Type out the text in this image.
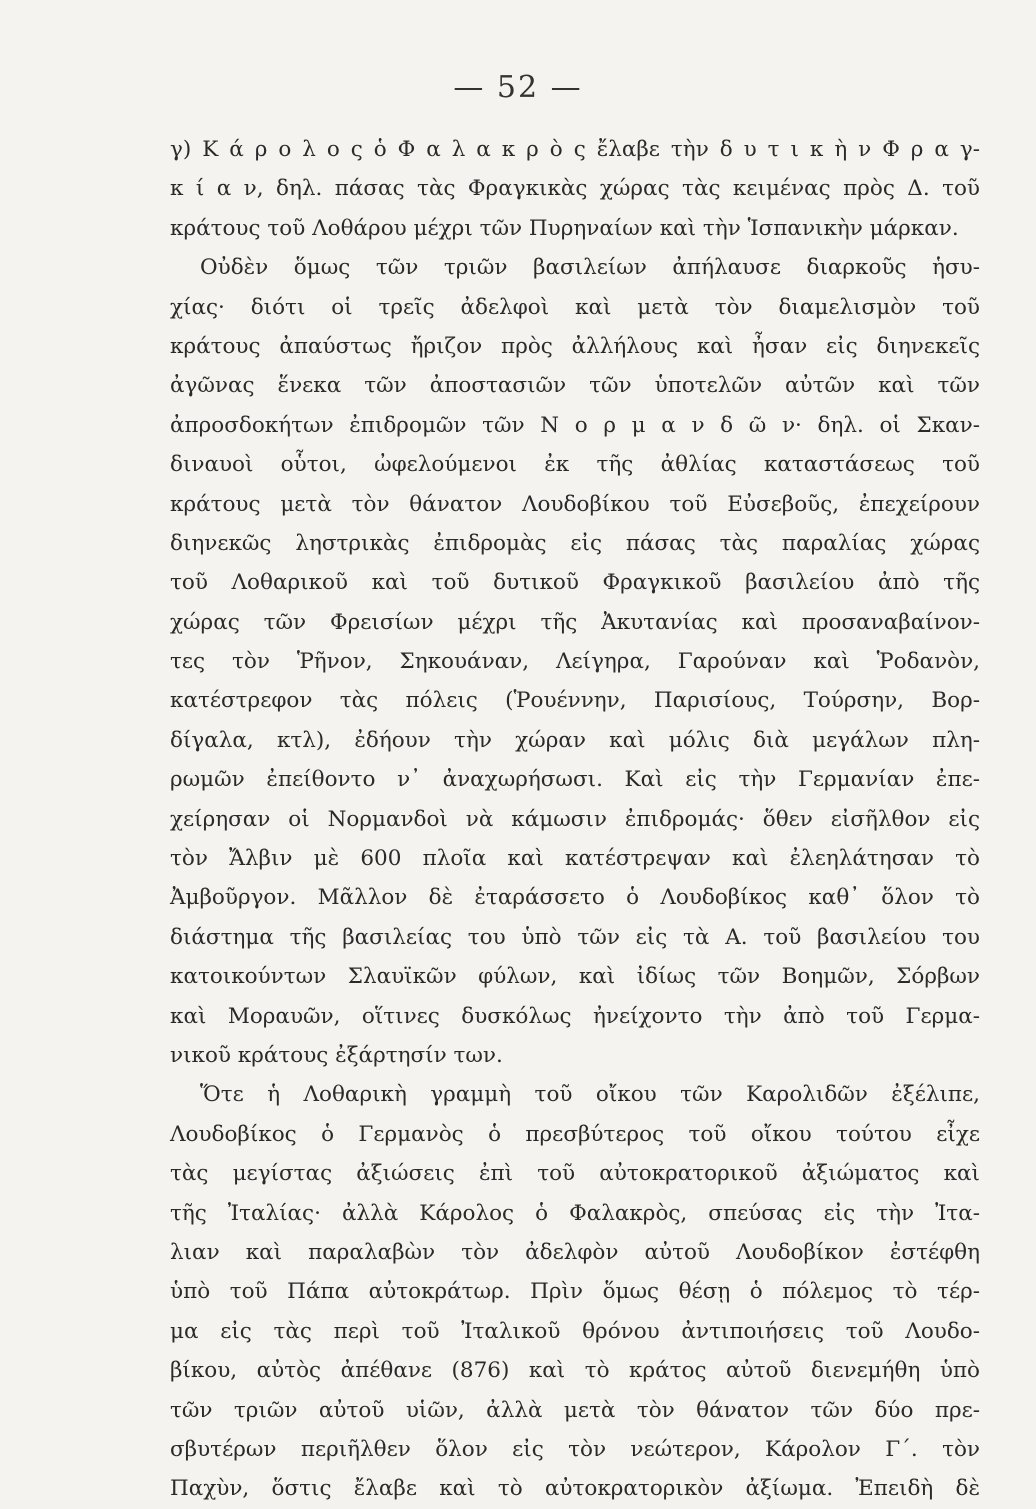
— 52 —
γ) Κ ά ρ ο λ ο ς ὁ Φ α λ α κ ρ ὸ ς ἔλαβε τὴν δ υ τ ι κ ὴ ν Φ ρ α γ-
κ ί α ν, δηλ. πάσας τὰς Φραγκικὰς χώρας τὰς κειμένας πρὸς Δ. τοῦ
κράτους τοῦ Λοθάρου μέχρι τῶν Πυρηναίων καὶ τὴν Ἱσπανικὴν μάρκαν.
Οὐδὲν ὅμως τῶν τριῶν βασιλείων ἀπήλαυσε διαρκοῦς ἡσυ-
χίας· διότι οἱ τρεῖς ἀδελφοὶ καὶ μετὰ τὸν διαμελισμὸν τοῦ
κράτους ἀπαύστως ἤριζον πρὸς ἀλλήλους καὶ ἦσαν εἰς διηνεκεῖς
ἀγῶνας ἕνεκα τῶν ἀποστασιῶν τῶν ὑποτελῶν αὐτῶν καὶ τῶν
ἀπροσδοκήτων ἐπιδρομῶν τῶν Ν ο ρ μ α ν δ ῶ ν· δηλ. οἱ Σκαν-
διναυοὶ οὗτοι, ὠφελούμενοι ἐκ τῆς ἀθλίας καταστάσεως τοῦ
κράτους μετὰ τὸν θάνατον Λουδοβίκου τοῦ Εὐσεβοῦς, ἐπεχείρουν
διηνεκῶς ληστρικὰς ἐπιδρομὰς εἰς πάσας τὰς παραλίας χώρας
τοῦ Λοθαρικοῦ καὶ τοῦ δυτικοῦ Φραγκικοῦ βασιλείου ἀπὸ τῆς
χώρας τῶν Φρεισίων μέχρι τῆς Ἀκυτανίας καὶ προσαναβαίνον-
τες τὸν Ῥῆνον, Σηκουάναν, Λείγηρα, Γαρούναν καὶ Ῥοδανὸν,
κατέστρεφον τὰς πόλεις (Ῥουέννην, Παρισίους, Τούρσην, Βορ-
δίγαλα, κτλ), ἐδήουν τὴν χώραν καὶ μόλις διὰ μεγάλων πλη-
ρωμῶν ἐπείθοντο ν᾽ ἀναχωρήσωσι. Καὶ εἰς τὴν Γερμανίαν ἐπε-
χείρησαν οἱ Νορμανδοὶ νὰ κάμωσιν ἐπιδρομάς· ὅθεν εἰσῆλθον εἰς
τὸν Ἄλβιν μὲ 600 πλοῖα καὶ κατέστρεψαν καὶ ἐλεηλάτησαν τὸ
Ἀμβοῦργον. Μᾶλλον δὲ ἐταράσσετο ὁ Λουδοβίκος καθ᾽ ὅλον τὸ
διάστημα τῆς βασιλείας του ὑπὸ τῶν εἰς τὰ Α. τοῦ βασιλείου του
κατοικούντων Σλαυϊκῶν φύλων, καὶ ἰδίως τῶν Βοημῶν, Σόρβων
καὶ Μοραυῶν, οἵτινες δυσκόλως ἠνείχοντο τὴν ἀπὸ τοῦ Γερμα-
νικοῦ κράτους ἐξάρτησίν των.
Ὅτε ἡ Λοθαρικὴ γραμμὴ τοῦ οἴκου τῶν Καρολιδῶν ἐξέλιπε,
Λουδοβίκος ὁ Γερμανὸς ὁ πρεσβύτερος τοῦ οἴκου τούτου εἶχε
τὰς μεγίστας ἀξιώσεις ἐπὶ τοῦ αὐτοκρατορικοῦ ἀξιώματος καὶ
τῆς Ἰταλίας· ἀλλὰ Κάρολος ὁ Φαλακρὸς, σπεύσας εἰς τὴν Ἰτα-
λιαν καὶ παραλαβὼν τὸν ἀδελφὸν αὐτοῦ Λουδοβίκον ἐστέφθη
ὑπὸ τοῦ Πάπα αὐτοκράτωρ. Πρὶν ὅμως θέσῃ ὁ πόλεμος τὸ τέρ-
μα εἰς τὰς περὶ τοῦ Ἰταλικοῦ θρόνου ἀντιποιήσεις τοῦ Λουδο-
βίκου, αὐτὸς ἀπέθανε (876) καὶ τὸ κράτος αὐτοῦ διενεμήθη ὑπὸ
τῶν τριῶν αὐτοῦ υἱῶν, ἀλλὰ μετὰ τὸν θάνατον τῶν δύο πρε-
σβυτέρων περιῆλθεν ὅλον εἰς τὸν νεώτερον, Κάρολον Γ΄. τὸν
Παχὺν, ὅστις ἔλαβε καὶ τὸ αὐτοκρατορικὸν ἀξίωμα. Ἐπειδὴ δὲ
